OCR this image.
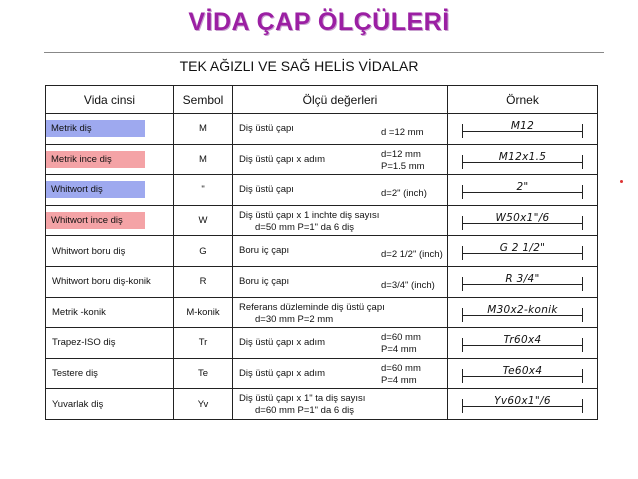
VİDA ÇAP ÖLÇÜLERİ
TEK AĞIZLI VE SAĞ HELİS VİDALAR
Vida cinsi	Sembol	Ölçü değerleri	Örnek

Metrik diş	M	Diş üstü çapı d =12 mm	M12

Metrik ince diş	M	Diş üstü çapı x adım d=12 mm
P=1.5 mm	M12x1.5

Whitwort diş	"	Diş üstü çapı d=2" (inch)	2"

Whitwort ince diş	W	Diş üstü çapı x 1 inchte diş sayısı
d=50 mm P=1" da 6 diş	W50x1"/6

Whitwort boru diş	G	Boru iç çapı d=2 1/2" (inch)	G 2 1/2"

Whitwort boru diş-konik	R	Boru iç çapı d=3/4" (inch)	R 3/4"

Metrik -konik	M-konik	Referans düzleminde diş üstü çapı
d=30 mm P=2 mm	M30x2-konik

Trapez-ISO diş	Tr	Diş üstü çapı x adım d=60 mm
P=4 mm	Tr60x4

Testere diş	Te	Diş üstü çapı x adım d=60 mm
P=4 mm	Te60x4

Yuvarlak diş	Yv	Diş üstü çapı x 1" ta diş sayısı
d=60 mm P=1" da 6 diş	Yv60x1"/6
